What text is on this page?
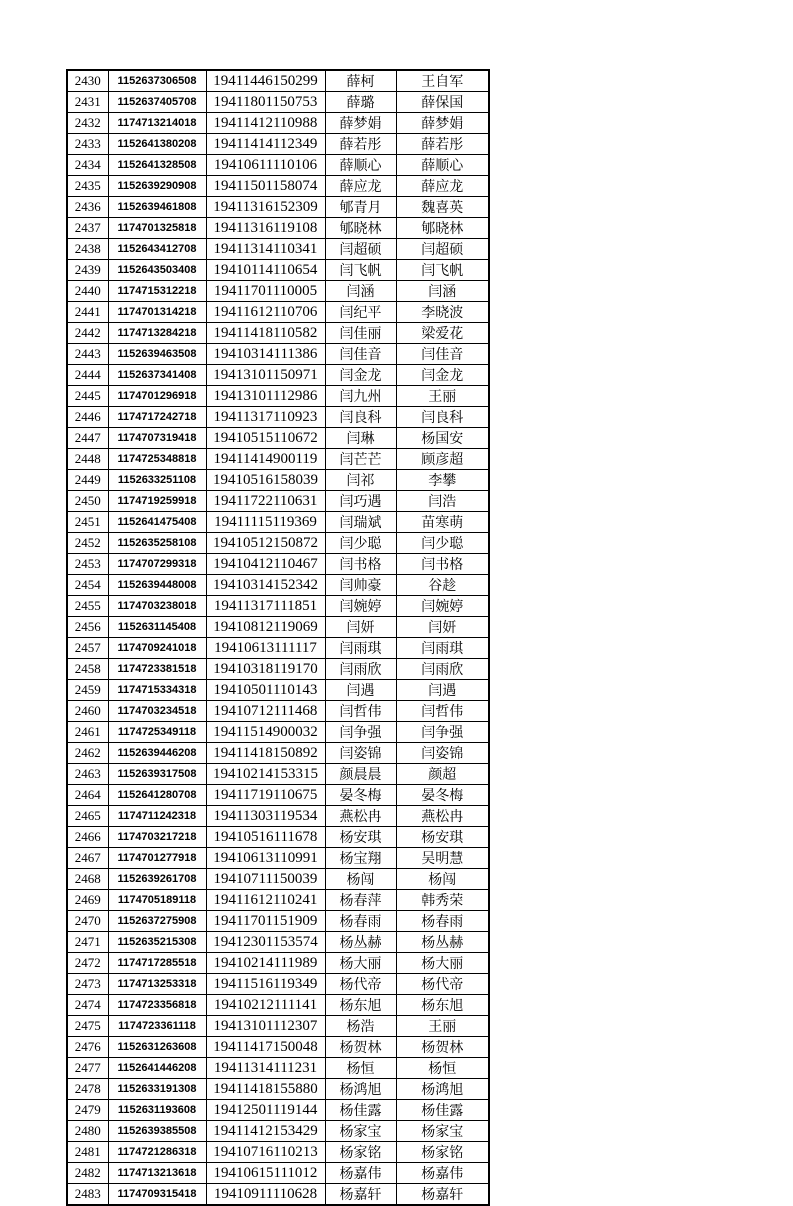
2430	1152637306508	19411446150299	薛柯	王自军
2431	1152637405708	19411801150753	薛璐	薛保国
2432	1174713214018	19411412110988	薛梦娟	薛梦娟
2433	1152641380208	19411414112349	薛若彤	薛若彤
2434	1152641328508	19410611110106	薛顺心	薛顺心
2435	1152639290908	19411501158074	薛应龙	薛应龙
2436	1152639461808	19411316152309	郇青月	魏喜英
2437	1174701325818	19411316119108	郇晓林	郇晓林
2438	1152643412708	19411314110341	闫超硕	闫超硕
2439	1152643503408	19410114110654	闫飞帆	闫飞帆
2440	1174715312218	19411701110005	闫涵	闫涵
2441	1174701314218	19411612110706	闫纪平	李晓波
2442	1174713284218	19411418110582	闫佳丽	梁爱花
2443	1152639463508	19410314111386	闫佳音	闫佳音
2444	1152637341408	19413101150971	闫金龙	闫金龙
2445	1174701296918	19413101112986	闫九州	王丽
2446	1174717242718	19411317110923	闫良科	闫良科
2447	1174707319418	19410515110672	闫琳	杨国安
2448	1174725348818	19411414900119	闫芒芒	顾彦超
2449	1152633251108	19410516158039	闫祁	李攀
2450	1174719259918	19411722110631	闫巧遇	闫浩
2451	1152641475408	19411115119369	闫瑞斌	苗寒萌
2452	1152635258108	19410512150872	闫少聪	闫少聪
2453	1174707299318	19410412110467	闫书格	闫书格
2454	1152639448008	19410314152342	闫帅豪	谷趁
2455	1174703238018	19411317111851	闫婉婷	闫婉婷
2456	1152631145408	19410812119069	闫妍	闫妍
2457	1174709241018	19410613111117	闫雨琪	闫雨琪
2458	1174723381518	19410318119170	闫雨欣	闫雨欣
2459	1174715334318	19410501110143	闫遇	闫遇
2460	1174703234518	19410712111468	闫哲伟	闫哲伟
2461	1174725349118	19411514900032	闫争强	闫争强
2462	1152639446208	19411418150892	闫姿锦	闫姿锦
2463	1152639317508	19410214153315	颜晨晨	颜超
2464	1152641280708	19411719110675	晏冬梅	晏冬梅
2465	1174711242318	19411303119534	燕松冉	燕松冉
2466	1174703217218	19410516111678	杨安琪	杨安琪
2467	1174701277918	19410613110991	杨宝翔	吴明慧
2468	1152639261708	19410711150039	杨闯	杨闯
2469	1174705189118	19411612110241	杨春萍	韩秀荣
2470	1152637275908	19411701151909	杨春雨	杨春雨
2471	1152635215308	19412301153574	杨丛赫	杨丛赫
2472	1174717285518	19410214111989	杨大丽	杨大丽
2473	1174713253318	19411516119349	杨代帝	杨代帝
2474	1174723356818	19410212111141	杨东旭	杨东旭
2475	1174723361118	19413101112307	杨浩	王丽
2476	1152631263608	19411417150048	杨贺林	杨贺林
2477	1152641446208	19411314111231	杨恒	杨恒
2478	1152633191308	19411418155880	杨鸿旭	杨鸿旭
2479	1152631193608	19412501119144	杨佳露	杨佳露
2480	1152639385508	19411412153429	杨家宝	杨家宝
2481	1174721286318	19410716110213	杨家铭	杨家铭
2482	1174713213618	19410615111012	杨嘉伟	杨嘉伟
2483	1174709315418	19410911110628	杨嘉轩	杨嘉轩
